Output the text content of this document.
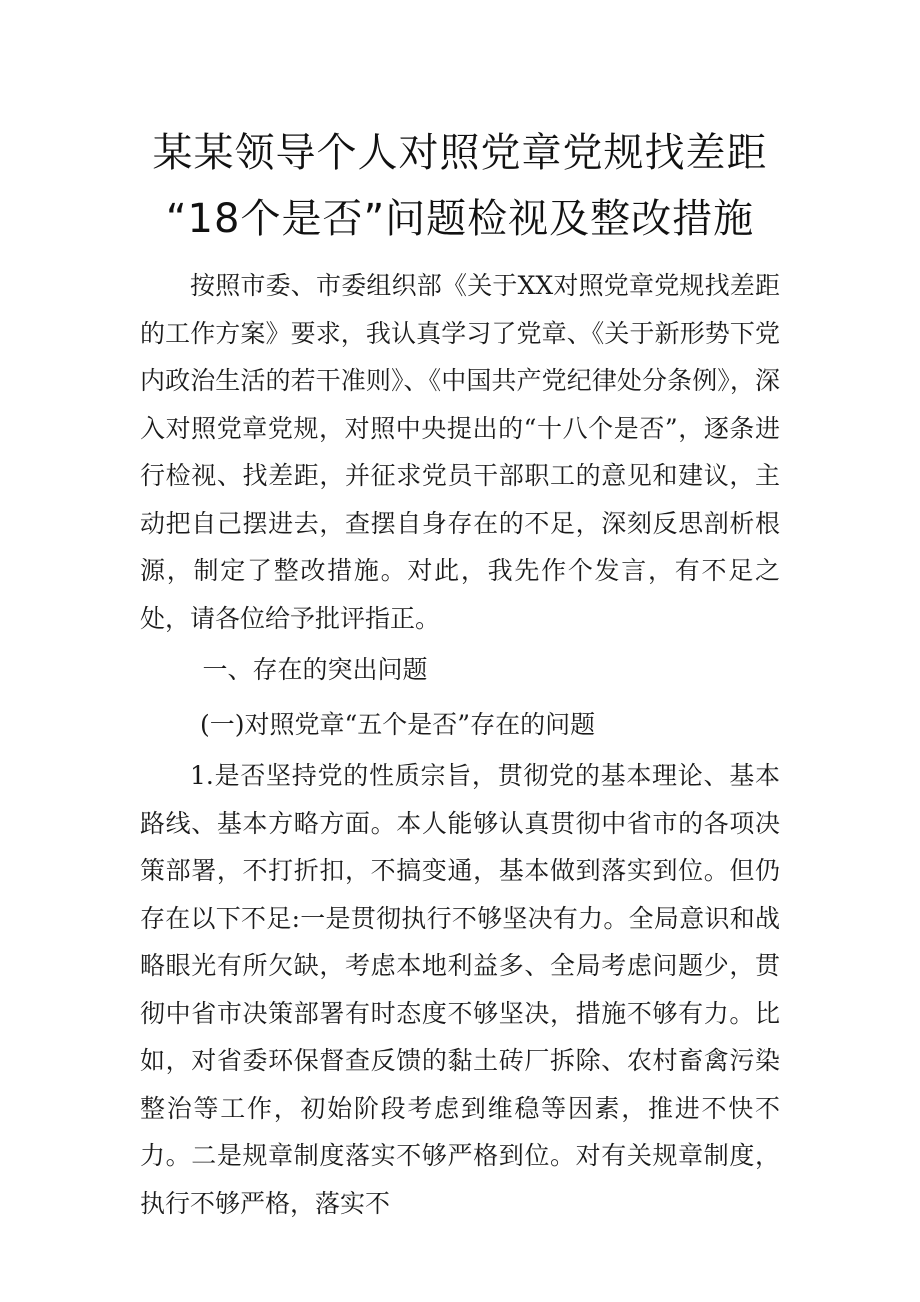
某某领导个人对照党章党规找差距
“18个是否”问题检视及整改措施

按照市委、市委组织部《关于XX对照党章党规找差距的工作方案》要求，我认真学习了党章、《关于新形势下党内政治生活的若干准则》、《中国共产党纪律处分条例》，深入对照党章党规，对照中央提出的“十八个是否”，逐条进行检视、找差距，并征求党员干部职工的意见和建议，主动把自己摆进去，查摆自身存在的不足，深刻反思剖析根源，制定了整改措施。对此，我先作个发言，有不足之处，请各位给予批评指正。

一、存在的突出问题

(一)对照党章“五个是否”存在的问题

1.是否坚持党的性质宗旨，贯彻党的基本理论、基本路线、基本方略方面。本人能够认真贯彻中省市的各项决策部署，不打折扣，不搞变通，基本做到落实到位。但仍存在以下不足:一是贯彻执行不够坚决有力。全局意识和战略眼光有所欠缺，考虑本地利益多、全局考虑问题少，贯彻中省市决策部署有时态度不够坚决，措施不够有力。比如，对省委环保督查反馈的黏土砖厂拆除、农村畜禽污染整治等工作，初始阶段考虑到维稳等因素，推进不快不力。二是规章制度落实不够严格到位。对有关规章制度，执行不够严格，落实不
